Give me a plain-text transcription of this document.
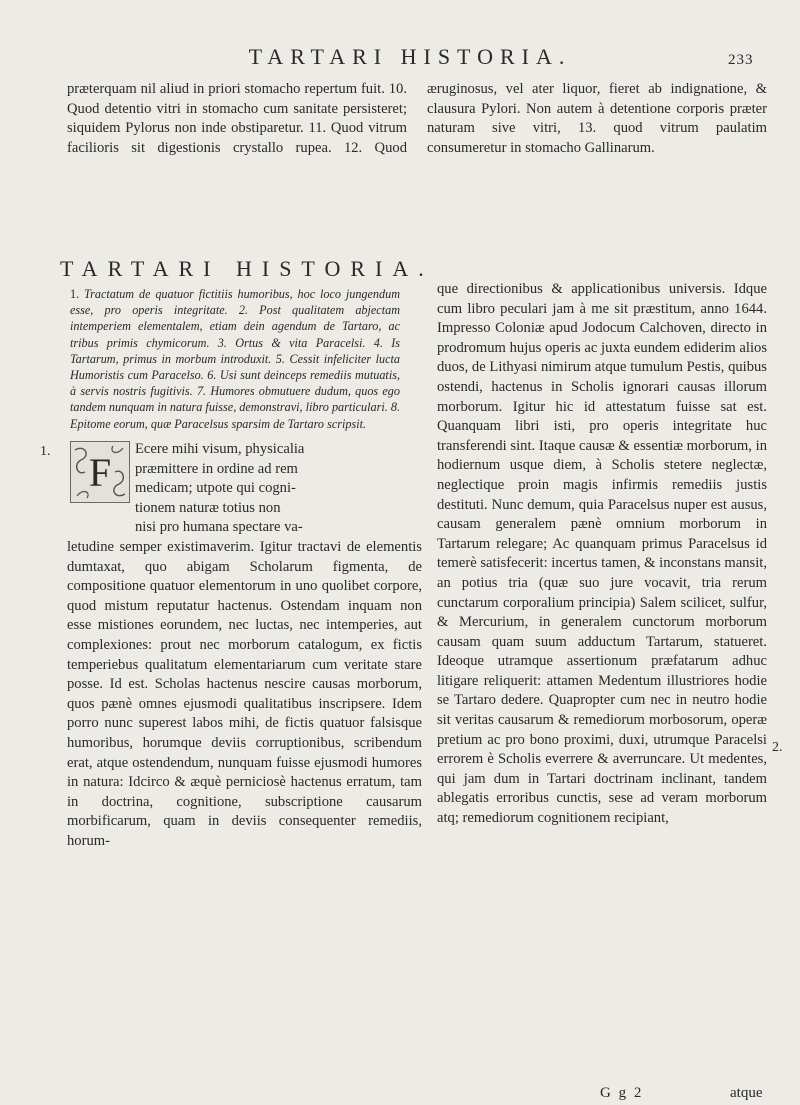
TARTARI HISTORIA.	233

præterquam nil aliud in priori stomacho repertum fuit. 10. Quod detentio vitri in stomacho cum sanitate persisteret; siquidem Pylorus non inde obstiparetur. 11. Quod vitrum facilioris sit digestionis crystallo rupea. 12. Quod æruginosus, vel ater liquor, fieret ab indignatione, & clausura Pylori. Non autem à detentione corporis præter naturam sive vitri, 13. quod vitrum paulatim consumeretur in stomacho Gallinarum.

TARTARI HISTORIA.
1. Tractatum de quatuor fictitiis humoribus, hoc loco jungendum esse, pro operis integritate. 2. Post qualitatem abjectam intemperiem elementalem, etiam dein agendum de Tartaro, ac tribus primis chymicorum. 3. Ortus & vita Paracelsi. 4. Is Tartarum, primus in morbum introduxit. 5. Cessit infeliciter lucta Humoristis cum Paracelso. 6. Usi sunt deinceps remediis mutuatis, à servis nostris fugitivis. 7. Humores obmutuere dudum, quos ego tandem nunquam in natura fuisse, demonstravi, libro particulari. 8. Epitome eorum, quæ Paracelsus sparsim de Tartaro scripsit.
1.
2.
F
Ecere mihi visum, physicalia
præmittere in ordine ad rem
medicam; utpote qui cogni-
tionem naturæ totius non
nisi pro humana spectare va-

letudine semper existimaverim. Igitur tractavi de elementis dumtaxat, quo abigam Scholarum figmenta, de compositione quatuor elementorum in uno quolibet corpore, quod mistum reputatur hactenus. Ostendam inquam non esse mistiones eorundem, nec luctas, nec intemperies, aut complexiones: prout nec morborum catalogum, ex fictis temperiebus qualitatum elementariarum cum veritate stare posse. Id est. Scholas hactenus nescire causas morborum, quos pænè omnes ejusmodi qualitatibus inscripsere. Idem porro nunc superest labos mihi, de fictis quatuor falsisque humoribus, horumque deviis corruptionibus, scribendum erat, atque ostendendum, nunquam fuisse ejusmodi humores in natura: Idcirco & æquè perniciosè hactenus erratum, tam in doctrina, cognitione, subscriptione causarum morbificarum, quam in deviis consequenter remediis, horum-

que directionibus & applicationibus universis. Idque cum libro peculari jam à me sit præstitum, anno 1644. Impresso Coloniæ apud Jodocum Calchoven, directo in prodromum hujus operis ac juxta eundem ediderim alios duos, de Lithyasi nimirum atque tumulum Pestis, quibus ostendi, hactenus in Scholis ignorari causas illorum morborum. Igitur hic id attestatum fuisse sat est. Quanquam libri isti, pro operis integritate huc transferendi sint. Itaque causæ & essentiæ morborum, in hodiernum usque diem, à Scholis stetere neglectæ, neglectique proin magis infirmis remediis justis destituti. Nunc demum, quia Paracelsus nuper est ausus, causam generalem pænè omnium morborum in Tartarum relegare; Ac quanquam primus Paracelsus id temerè satisfecerit: incertus tamen, & inconstans mansit, an potius tria (quæ suo jure vocavit, tria rerum cunctarum corporalium principia) Salem scilicet, sulfur, & Mercurium, in generalem cunctorum morborum causam quam suum adductum Tartarum, statueret. Ideoque utramque assertionum præfatarum adhuc litigare reliquerit: attamen Medentum illustriores hodie se Tartaro dedere. Quapropter cum nec in neutro hodie sit veritas causarum & remediorum morbosorum, operæ pretium ac pro bono proximi, duxi, utrumque Paracelsi errorem è Scholis everrere & averruncare. Ut medentes, qui jam dum in Tartari doctrinam inclinant, tandem ablegatis erroribus cunctis, sese ad veram morborum atq; remediorum cognitionem recipiant,

G g 2	atque
